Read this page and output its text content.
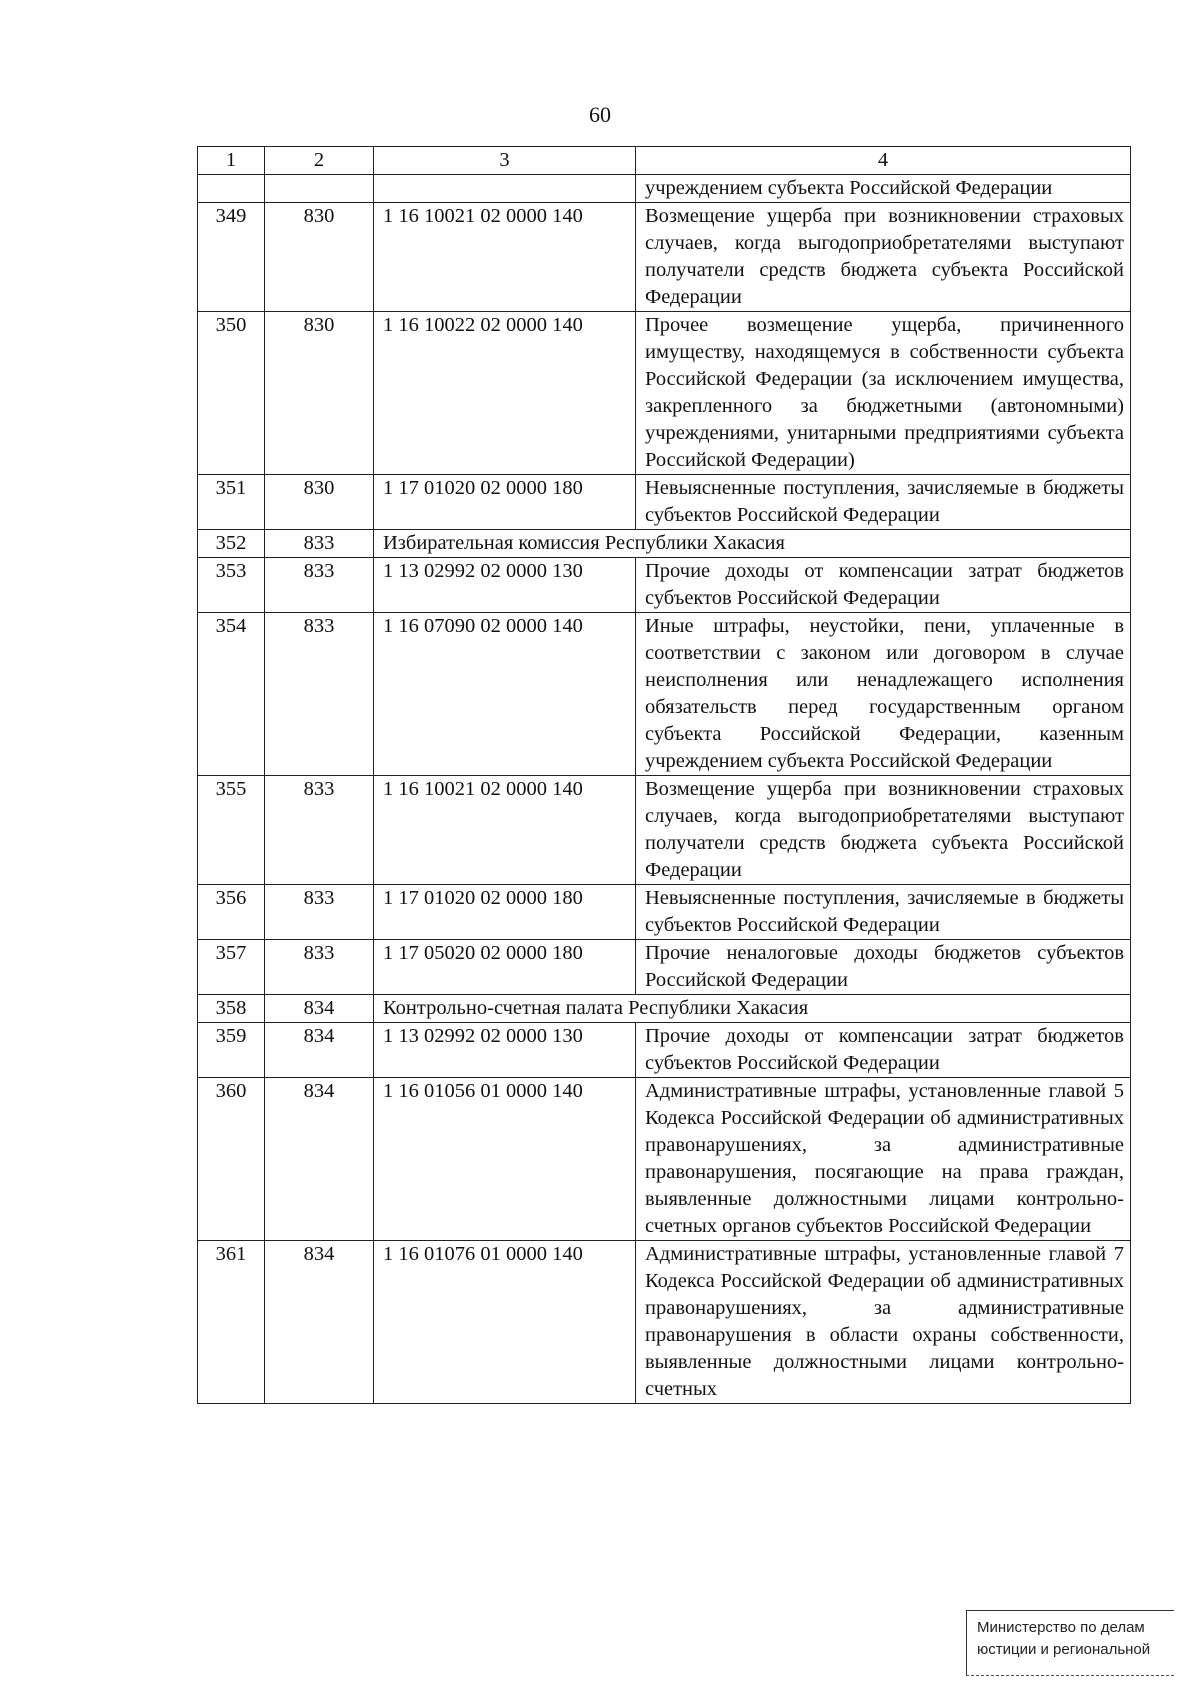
60
1	2	3	4
			учреждением субъекта Российской Федерации
349	830	1 16 10021 02 0000 140	Возмещение ущерба при возникновении страховых случаев, когда выгодоприобретателями выступают получатели средств бюджета субъекта Российской Федерации
350	830	1 16 10022 02 0000 140	Прочее возмещение ущерба, причиненного имуществу, находящемуся в собственности субъекта Российской Федерации (за исключением имущества, закрепленного за бюджетными (автономными) учреждениями, унитарными предприятиями субъекта Российской Федерации)
351	830	1 17 01020 02 0000 180	Невыясненные поступления, зачисляемые в бюджеты субъектов Российской Федерации
352	833	Избирательная комиссия Республики Хакасия	
353	833	1 13 02992 02 0000 130	Прочие доходы от компенсации затрат бюджетов субъектов Российской Федерации
354	833	1 16 07090 02 0000 140	Иные штрафы, неустойки, пени, уплаченные в соответствии с законом или договором в случае неисполнения или ненадлежащего исполнения обязательств перед государственным органом субъекта Российской Федерации, казенным учреждением субъекта Российской Федерации
355	833	1 16 10021 02 0000 140	Возмещение ущерба при возникновении страховых случаев, когда выгодоприобретателями выступают получатели средств бюджета субъекта Российской Федерации
356	833	1 17 01020 02 0000 180	Невыясненные поступления, зачисляемые в бюджеты субъектов Российской Федерации
357	833	1 17 05020 02 0000 180	Прочие неналоговые доходы бюджетов субъектов Российской Федерации
358	834	Контрольно-счетная палата Республики Хакасия	
359	834	1 13 02992 02 0000 130	Прочие доходы от компенсации затрат бюджетов субъектов Российской Федерации
360	834	1 16 01056 01 0000 140	Административные штрафы, установленные главой 5 Кодекса Российской Федерации об административных правонарушениях, за административные правонарушения, посягающие на права граждан, выявленные должностными лицами контрольно-счетных органов субъектов Российской Федерации
361	834	1 16 01076 01 0000 140	Административные штрафы, установленные главой 7 Кодекса Российской Федерации об административных правонарушениях, за административные правонарушения в области охраны собственности, выявленные должностными лицами контрольно-счетных
Министерство по делам
юстиции и региональной
